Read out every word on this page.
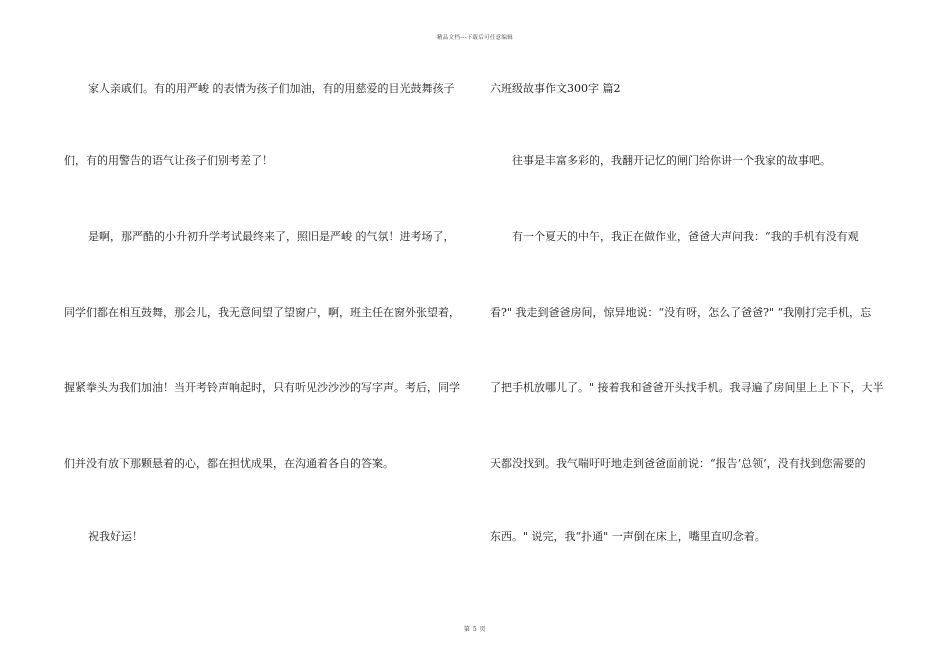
精品文档---下载后可任意编辑
家人亲戚们。有的用严峻 的表情为孩子们加油，有的用慈爱的目光鼓舞孩子
们，有的用警告的语气让孩子们别考差了！
是啊，那严酷的小升初升学考试最终来了，照旧是严峻 的气氛！进考场了，
同学们都在相互鼓舞，那会儿，我无意间望了望窗户，啊，班主任在窗外张望着，
握紧拳头为我们加油！当开考铃声响起时，只有听见沙沙沙的写字声。考后，同学
们并没有放下那颗悬着的心，都在担忧成果，在沟通着各自的答案。
祝我好运！
六班级故事作文300字 篇2
往事是丰富多彩的，我翻开记忆的闸门给你讲一个我家的故事吧。
有一个夏天的中午，我正在做作业，爸爸大声问我：“我的手机有没有观
看?" 我走到爸爸房间，惊异地说：“没有呀，怎么了爸爸?" “我刚打完手机，忘
了把手机放哪儿了。" 接着我和爸爸开头找手机。我寻遍了房间里上上下下，大半
天都没找到。我气喘吁吁地走到爸爸面前说：“报告‘总领’，没有找到您需要的
东西。" 说完，我“扑通" 一声倒在床上，嘴里直叨念着。
第 5 页
